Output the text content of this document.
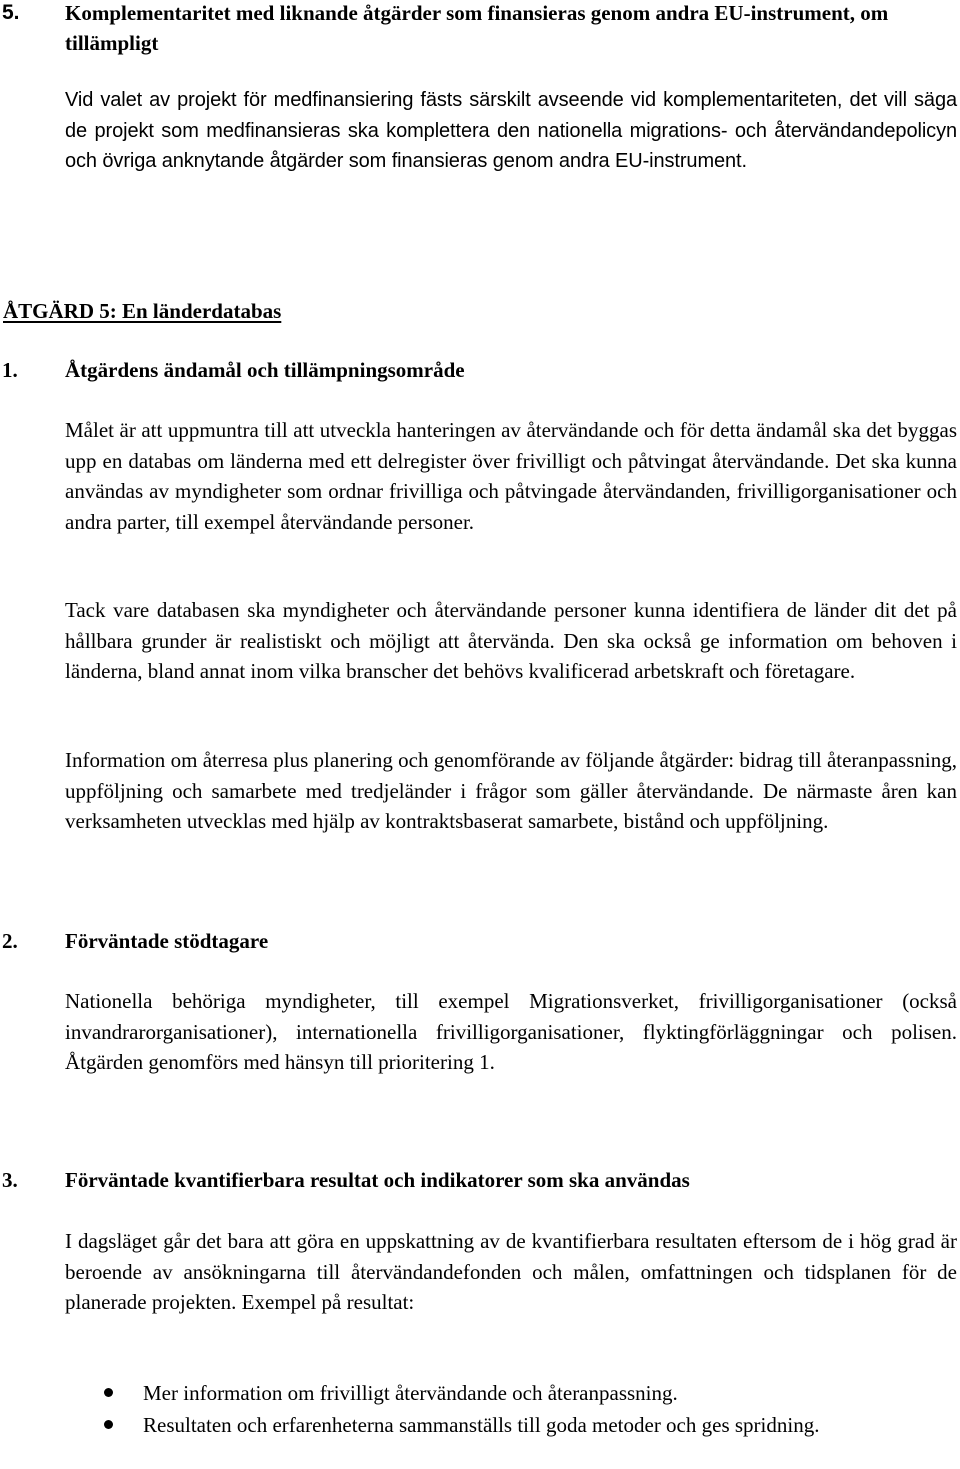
5. Komplementaritet med liknande åtgärder som finansieras genom andra EU-instrument, om tillämpligt

Vid valet av projekt för medfinansiering fästs särskilt avseende vid komplementariteten, det vill säga de projekt som medfinansieras ska komplettera den nationella migrations- och återvändandepolicyn och övriga anknytande åtgärder som finansieras genom andra EU-instrument.

ÅTGÄRD 5: En länderdatabas
1. Åtgärdens ändamål och tillämpningsområde

Målet är att uppmuntra till att utveckla hanteringen av återvändande och för detta ändamål ska det byggas upp en databas om länderna med ett delregister över frivilligt och påtvingat återvändande. Det ska kunna användas av myndigheter som ordnar frivilliga och påtvingade återvändanden, frivilligorganisationer och andra parter, till exempel återvändande personer.

Tack vare databasen ska myndigheter och återvändande personer kunna identifiera de länder dit det på hållbara grunder är realistiskt och möjligt att återvända. Den ska också ge information om behoven i länderna, bland annat inom vilka branscher det behövs kvalificerad arbetskraft och företagare.

Information om återresa plus planering och genomförande av följande åtgärder: bidrag till återanpassning, uppföljning och samarbete med tredjeländer i frågor som gäller återvändande. De närmaste åren kan verksamheten utvecklas med hjälp av kontraktsbaserat samarbete, bistånd och uppföljning.

2. Förväntade stödtagare

Nationella behöriga myndigheter, till exempel Migrationsverket, frivilligorganisationer (också invandrarorganisationer), internationella frivilligorganisationer, flyktingförläggningar och polisen. Åtgärden genomförs med hänsyn till prioritering 1.

3. Förväntade kvantifierbara resultat och indikatorer som ska användas

I dagsläget går det bara att göra en uppskattning av de kvantifierbara resultaten eftersom de i hög grad är beroende av ansökningarna till återvändandefonden och målen, omfattningen och tidsplanen för de planerade projekten. Exempel på resultat:

Mer information om frivilligt återvändande och återanpassning.
Resultaten och erfarenheterna sammanställs till goda metoder och ges spridning.
